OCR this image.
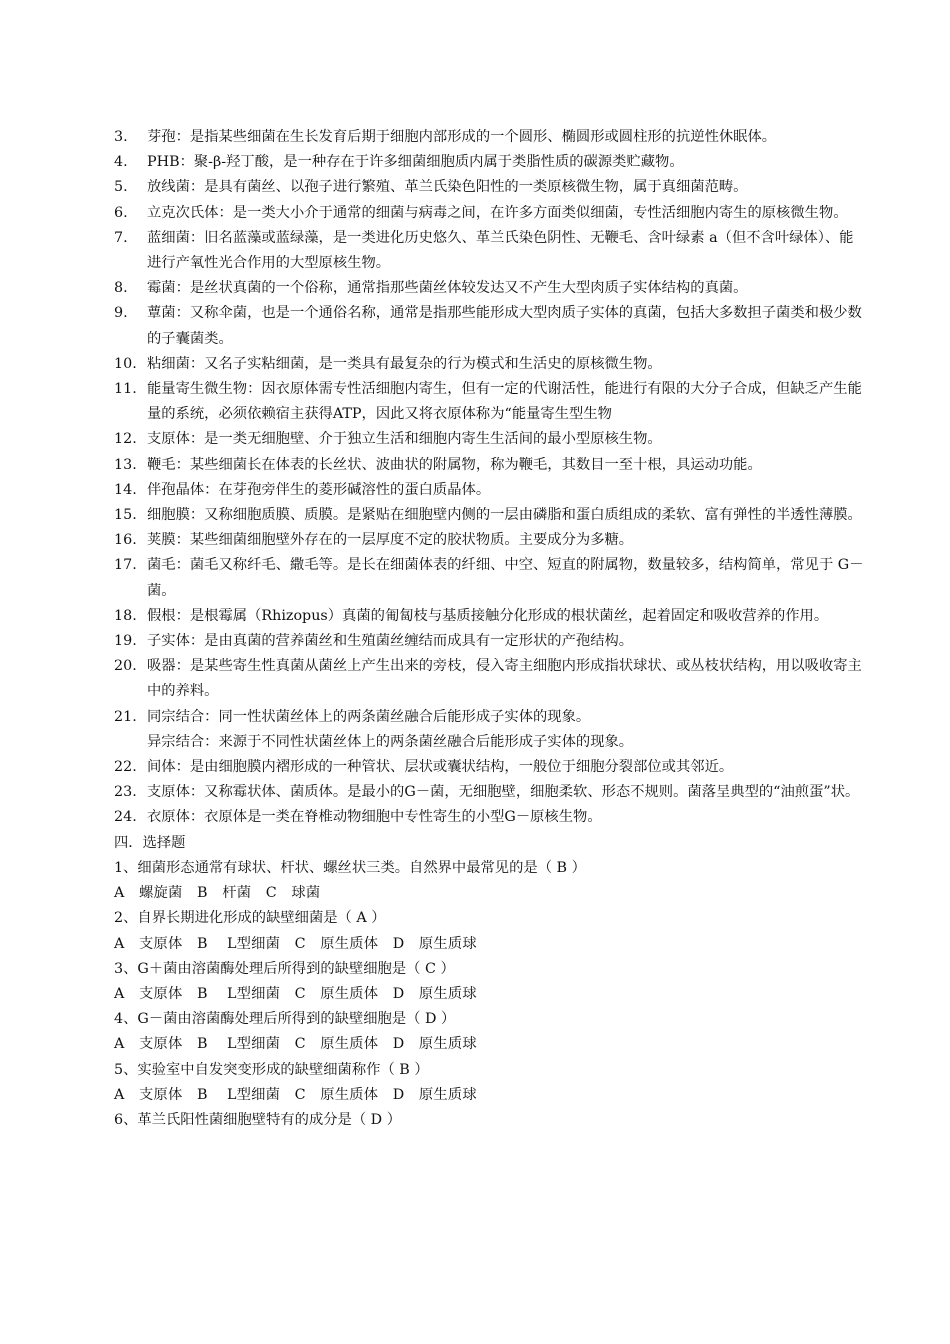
3. 芽孢：是指某些细菌在生长发育后期于细胞内部形成的一个圆形、椭圆形或圆柱形的抗逆性休眠体。
4. PHB：聚-β-羟丁酸，是一种存在于许多细菌细胞质内属于类脂性质的碳源类贮藏物。
5. 放线菌：是具有菌丝、以孢子进行繁殖、革兰氏染色阳性的一类原核微生物，属于真细菌范畴。
6. 立克次氏体：是一类大小介于通常的细菌与病毒之间，在许多方面类似细菌，专性活细胞内寄生的原核微生物。
7. 蓝细菌：旧名蓝藻或蓝绿藻，是一类进化历史悠久、革兰氏染色阴性、无鞭毛、含叶绿素 a（但不含叶绿体）、能进行产氧性光合作用的大型原核生物。
8. 霉菌：是丝状真菌的一个俗称，通常指那些菌丝体较发达又不产生大型肉质子实体结构的真菌。
9. 蕈菌：又称伞菌，也是一个通俗名称，通常是指那些能形成大型肉质子实体的真菌，包括大多数担子菌类和极少数的子囊菌类。
10. 粘细菌：又名子实粘细菌，是一类具有最复杂的行为模式和生活史的原核微生物。
11. 能量寄生微生物：因衣原体需专性活细胞内寄生，但有一定的代谢活性，能进行有限的大分子合成，但缺乏产生能量的系统，必须依赖宿主获得ATP，因此又将衣原体称为“能量寄生型生物
12. 支原体：是一类无细胞壁、介于独立生活和细胞内寄生生活间的最小型原核生物。
13. 鞭毛：某些细菌长在体表的长丝状、波曲状的附属物，称为鞭毛，其数目一至十根，具运动功能。
14. 伴孢晶体：在芽孢旁伴生的菱形碱溶性的蛋白质晶体。
15. 细胞膜：又称细胞质膜、质膜。是紧贴在细胞壁内侧的一层由磷脂和蛋白质组成的柔软、富有弹性的半透性薄膜。
16. 荚膜：某些细菌细胞壁外存在的一层厚度不定的胶状物质。主要成分为多糖。
17. 菌毛：菌毛又称纤毛、繖毛等。是长在细菌体表的纤细、中空、短直的附属物，数量较多，结构简单，常见于 G－菌。
18. 假根：是根霉属（Rhizopus）真菌的匍匐枝与基质接触分化形成的根状菌丝，起着固定和吸收营养的作用。
19. 子实体：是由真菌的营养菌丝和生殖菌丝缠结而成具有一定形状的产孢结构。
20. 吸器：是某些寄生性真菌从菌丝上产生出来的旁枝，侵入寄主细胞内形成指状球状、或丛枝状结构，用以吸收寄主中的养料。
21. 同宗结合：同一性状菌丝体上的两条菌丝融合后能形成子实体的现象。
异宗结合：来源于不同性状菌丝体上的两条菌丝融合后能形成子实体的现象。
22. 间体：是由细胞膜内褶形成的一种管状、层状或囊状结构，一般位于细胞分裂部位或其邻近。
23. 支原体：又称霉状体、菌质体。是最小的G－菌，无细胞壁，细胞柔软、形态不规则。菌落呈典型的“油煎蛋”状。
24. 衣原体：衣原体是一类在脊椎动物细胞中专性寄生的小型G－原核生物。
四．选择题
1、细菌形态通常有球状、杆状、螺丝状三类。自然界中最常见的是（ B ）
A　螺旋菌　B　杆菌　C　球菌
2、自界长期进化形成的缺壁细菌是（ A ）
A　支原体　B　 L型细菌　C　原生质体　D　原生质球
3、G＋菌由溶菌酶处理后所得到的缺壁细胞是（ C ）
A　支原体　B　 L型细菌　C　原生质体　D　原生质球
4、G－菌由溶菌酶处理后所得到的缺壁细胞是（ D ）
A　支原体　B　 L型细菌　C　原生质体　D　原生质球
5、实验室中自发突变形成的缺壁细菌称作（ B ）
A　支原体　B　 L型细菌　C　原生质体　D　原生质球
6、革兰氏阳性菌细胞壁特有的成分是（ D ）
